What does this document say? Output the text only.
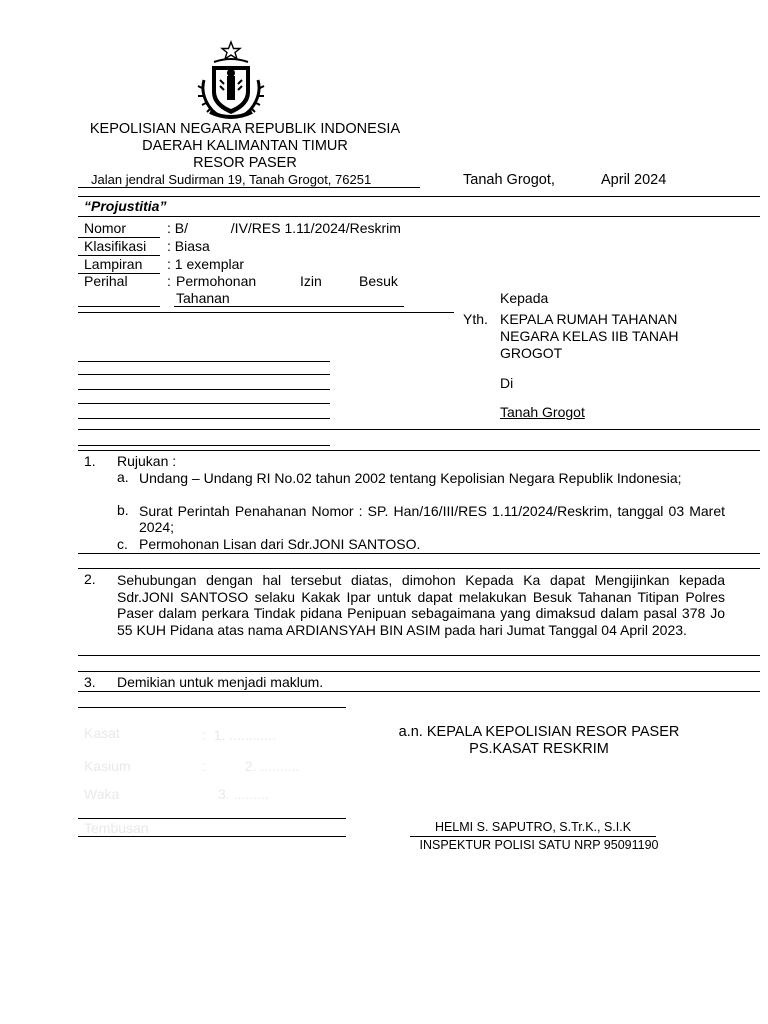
KEPOLISIAN NEGARA REPUBLIK INDONESIA
DAERAH KALIMANTAN TIMUR
RESOR PASER
Jalan jendral Sudirman 19, Tanah Grogot, 76251	Tanah Grogot,	April 2024
“Projustitia”
Nomor	: B/           /IV/RES 1.11/2024/Reskrim
Klasifikasi : Biasa
Lampiran : 1 exemplar
Perihal	: Permohonan	Izin	Besuk
Tahanan	Kepada
Yth. KEPALA RUMAH TAHANAN
NEGARA KELAS IIB TANAH
GROGOT
Di
Tanah Grogot
1. Rujukan :
a. Undang – Undang RI No.02 tahun 2002 tentang Kepolisian Negara Republik Indonesia;
b. Surat Perintah Penahanan Nomor : SP. Han/16/III/RES 1.11/2024/Reskrim, tanggal 03 Maret 2024;
c. Permohonan Lisan dari Sdr.JONI SANTOSO.
2. Sehubungan dengan hal tersebut diatas, dimohon Kepada Ka dapat Mengijinkan kepada Sdr.JONI SANTOSO selaku Kakak Ipar untuk dapat melakukan Besuk Tahanan Titipan Polres Paser dalam perkara Tindak pidana Penipuan sebagaimana yang dimaksud dalam pasal 378 Jo 55 KUH Pidana atas nama ARDIANSYAH BIN ASIM pada hari Jumat Tanggal 04 April 2023.
3. Demikian untuk menjadi maklum.
Kasat	:  1. ............
Kasium	:          2. ..........
Waka	3. .........
Tembusan
a.n. KEPALA KEPOLISIAN RESOR PASER
PS.KASAT RESKRIM
HELMI S. SAPUTRO, S.Tr.K., S.I.K
INSPEKTUR POLISI SATU NRP 95091190
